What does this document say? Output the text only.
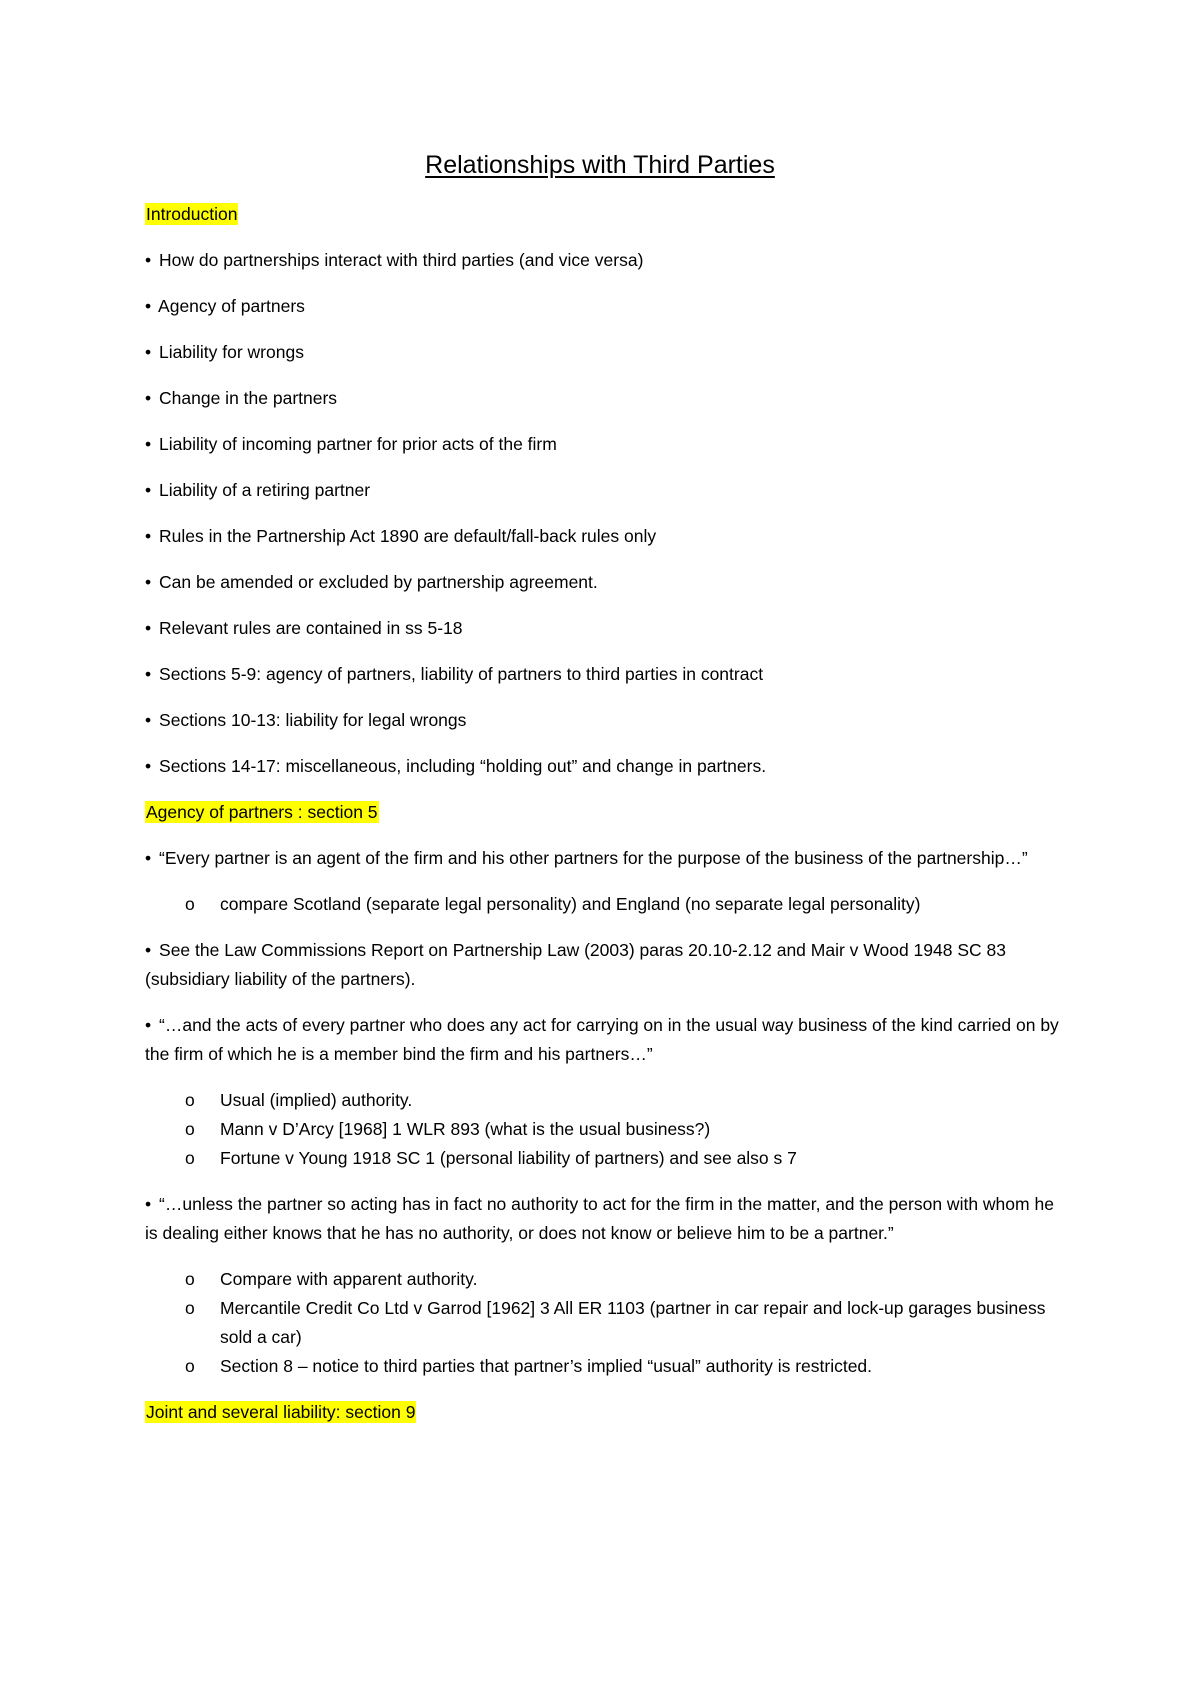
Relationships with Third Parties
Introduction
• How do partnerships interact with third parties (and vice versa)
• Agency of partners
• Liability for wrongs
• Change in the partners
• Liability of incoming partner for prior acts of the firm
• Liability of a retiring partner
• Rules in the Partnership Act 1890 are default/fall-back rules only
• Can be amended or excluded by partnership agreement.
• Relevant rules are contained in ss 5-18
• Sections 5-9: agency of partners, liability of partners to third parties in contract
• Sections 10-13: liability for legal wrongs
• Sections 14-17: miscellaneous, including “holding out” and change in partners.
Agency of partners : section 5
• “Every partner is an agent of the firm and his other partners for the purpose of the business of the partnership…”
o compare Scotland (separate legal personality) and England (no separate legal personality)
• See the Law Commissions Report on Partnership Law (2003) paras 20.10-2.12 and Mair v Wood 1948 SC 83 (subsidiary liability of the partners).
• “…and the acts of every partner who does any act for carrying on in the usual way business of the kind carried on by the firm of which he is a member bind the firm and his partners…”
o Usual (implied) authority.
o Mann v D’Arcy [1968] 1 WLR 893 (what is the usual business?)
o Fortune v Young 1918 SC 1 (personal liability of partners) and see also s 7
• “…unless the partner so acting has in fact no authority to act for the firm in the matter, and the person with whom he is dealing either knows that he has no authority, or does not know or believe him to be a partner.”
o Compare with apparent authority.
o Mercantile Credit Co Ltd v Garrod [1962] 3 All ER 1103 (partner in car repair and lock-up garages business sold a car)
o Section 8 – notice to third parties that partner’s implied “usual” authority is restricted.
Joint and several liability: section 9
